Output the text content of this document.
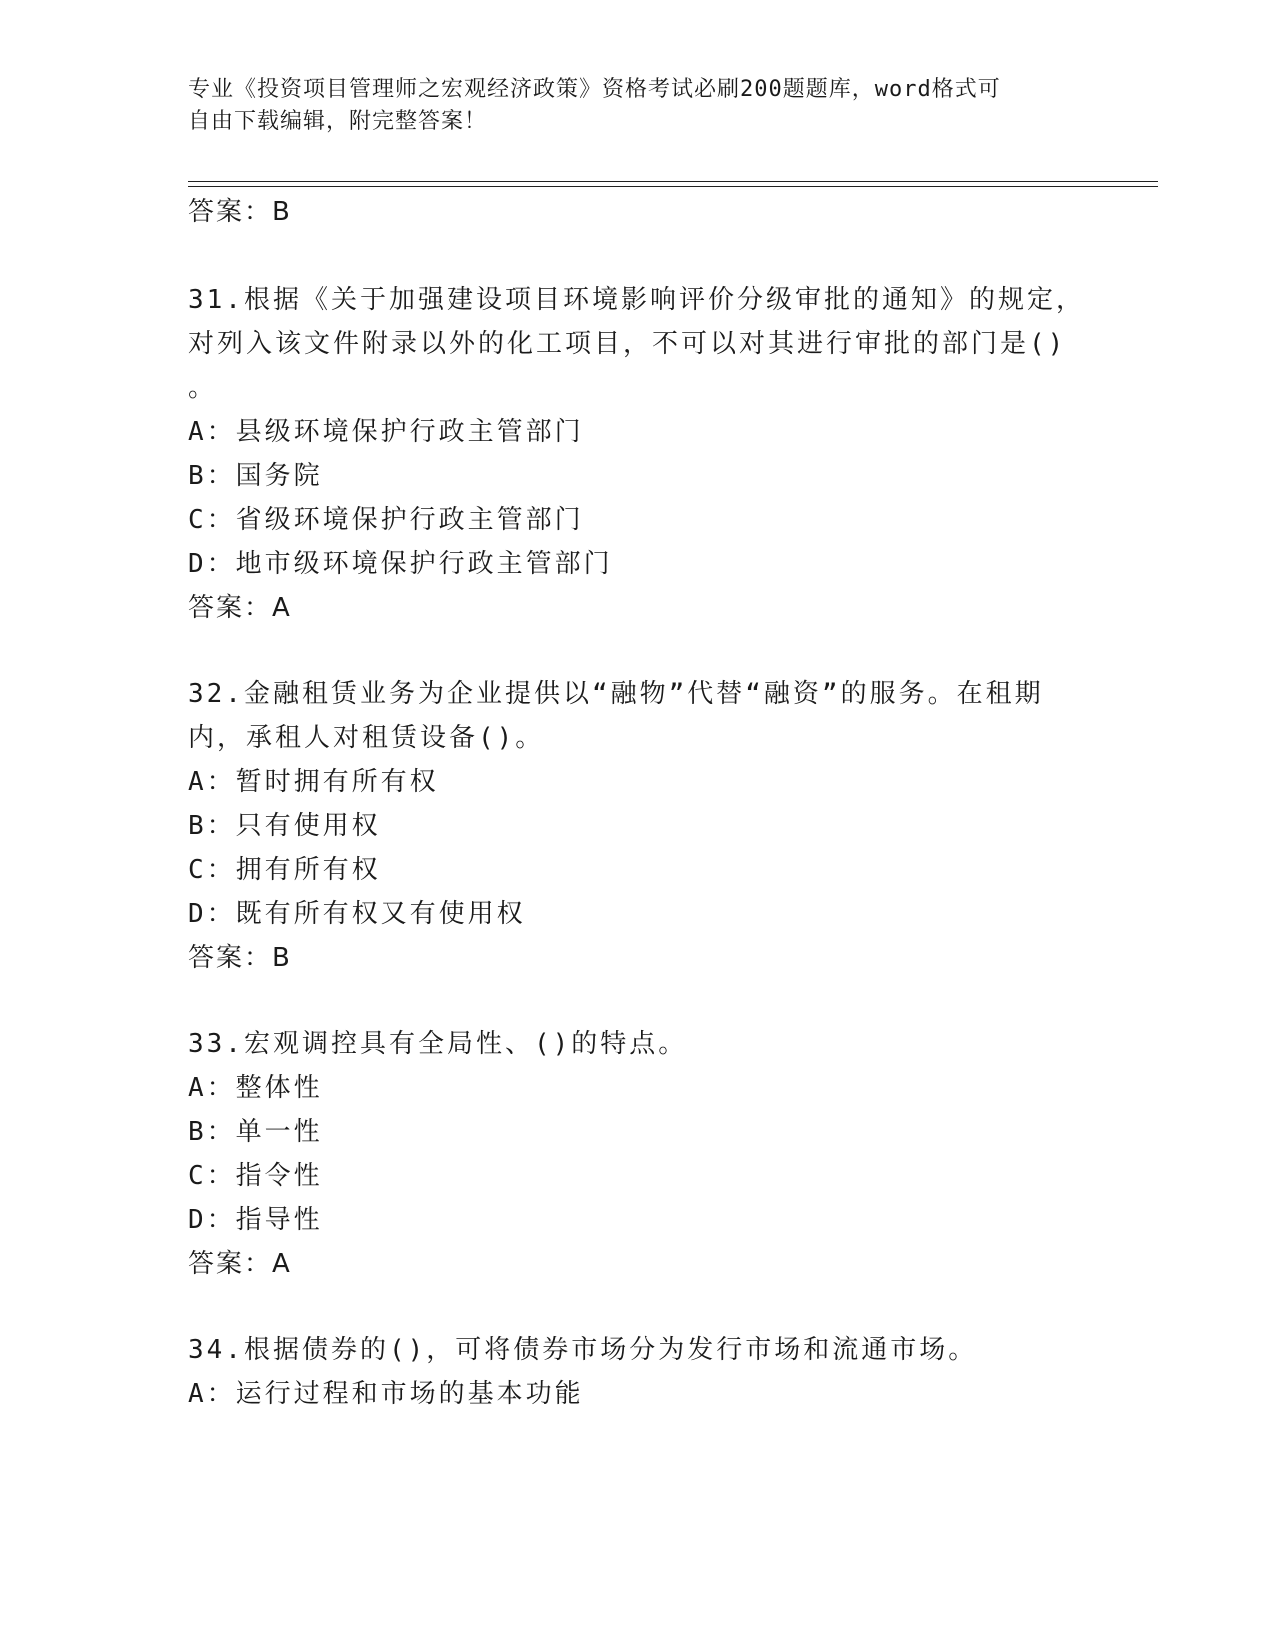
专业《投资项目管理师之宏观经济政策》资格考试必刷200题题库，word格式可
自由下载编辑，附完整答案！
答案：B
31.根据《关于加强建设项目环境影响评价分级审批的通知》的规定，
对列入该文件附录以外的化工项目，不可以对其进行审批的部门是()
。
A：县级环境保护行政主管部门
B：国务院
C：省级环境保护行政主管部门
D：地市级环境保护行政主管部门
答案：A
32.金融租赁业务为企业提供以“融物”代替“融资”的服务。在租期
内，承租人对租赁设备()。
A：暂时拥有所有权
B：只有使用权
C：拥有所有权
D：既有所有权又有使用权
答案：B
33.宏观调控具有全局性、()的特点。
A：整体性
B：单一性
C：指令性
D：指导性
答案：A
34.根据债券的()，可将债券市场分为发行市场和流通市场。
A：运行过程和市场的基本功能
